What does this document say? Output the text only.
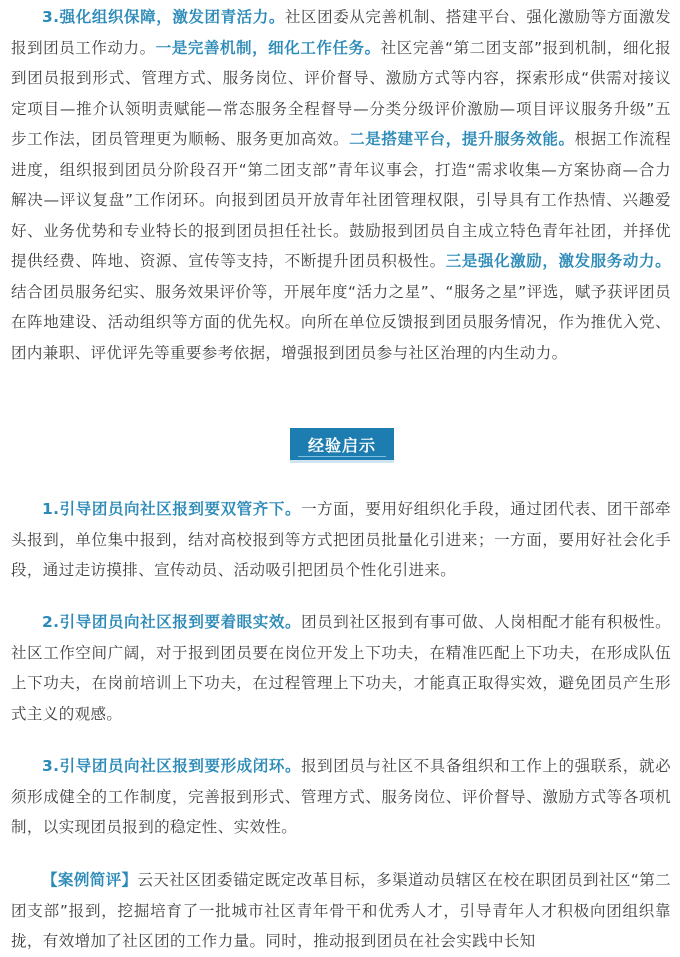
3.强化组织保障，激发团青活力。社区团委从完善机制、搭建平台、强化激励等方面激发报到团员工作动力。一是完善机制，细化工作任务。社区完善“第二团支部”报到机制，细化报到团员报到形式、管理方式、服务岗位、评价督导、激励方式等内容，探索形成“供需对接议定项目—推介认领明责赋能—常态服务全程督导—分类分级评价激励—项目评议服务升级”五步工作法，团员管理更为顺畅、服务更加高效。二是搭建平台，提升服务效能。根据工作流程进度，组织报到团员分阶段召开“第二团支部”青年议事会，打造“需求收集—方案协商—合力解决—评议复盘”工作闭环。向报到团员开放青年社团管理权限，引导具有工作热情、兴趣爱好、业务优势和专业特长的报到团员担任社长。鼓励报到团员自主成立特色青年社团，并择优提供经费、阵地、资源、宣传等支持，不断提升团员积极性。三是强化激励，激发服务动力。结合团员服务纪实、服务效果评价等，开展年度“活力之星”、“服务之星”评选，赋予获评团员在阵地建设、活动组织等方面的优先权。向所在单位反馈报到团员服务情况，作为推优入党、团内兼职、评优评先等重要参考依据，增强报到团员参与社区治理的内生动力。

经验启示

1.引导团员向社区报到要双管齐下。一方面，要用好组织化手段，通过团代表、团干部牵头报到，单位集中报到，结对高校报到等方式把团员批量化引进来；一方面，要用好社会化手段，通过走访摸排、宣传动员、活动吸引把团员个性化引进来。

2.引导团员向社区报到要着眼实效。团员到社区报到有事可做、人岗相配才能有积极性。社区工作空间广阔，对于报到团员要在岗位开发上下功夫，在精准匹配上下功夫，在形成队伍上下功夫，在岗前培训上下功夫，在过程管理上下功夫，才能真正取得实效，避免团员产生形式主义的观感。

3.引导团员向社区报到要形成闭环。报到团员与社区不具备组织和工作上的强联系，就必须形成健全的工作制度，完善报到形式、管理方式、服务岗位、评价督导、激励方式等各项机制，以实现团员报到的稳定性、实效性。

【案例简评】云天社区团委锚定既定改革目标，多渠道动员辖区在校在职团员到社区“第二团支部”报到，挖掘培育了一批城市社区青年骨干和优秀人才，引导青年人才积极向团组织靠拢，有效增加了社区团的工作力量。同时，推动报到团员在社会实践中长知
